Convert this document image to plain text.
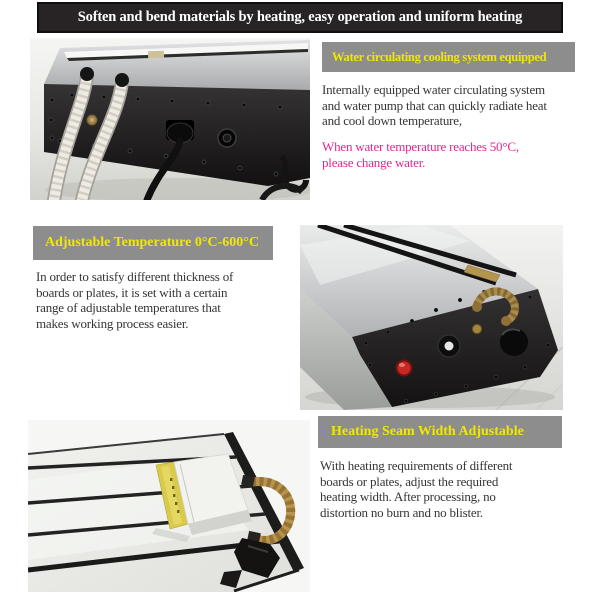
Soften and bend materials by heating, easy operation and uniform heating
Water circulating cooling system equipped
Internally equipped water circulating system
and water pump that can quickly radiate heat
and cool down temperature,
When water temperature reaches 50°C,
please change water.
Adjustable Temperature 0°C-600°C
In order to satisfy different thickness of
boards or plates, it is set with a certain
range of adjustable temperatures that
makes working process easier.
Heating Seam Width Adjustable
With heating requirements of different
boards or plates, adjust the required
heating width. After processing, no
distortion no burn and no blister.
